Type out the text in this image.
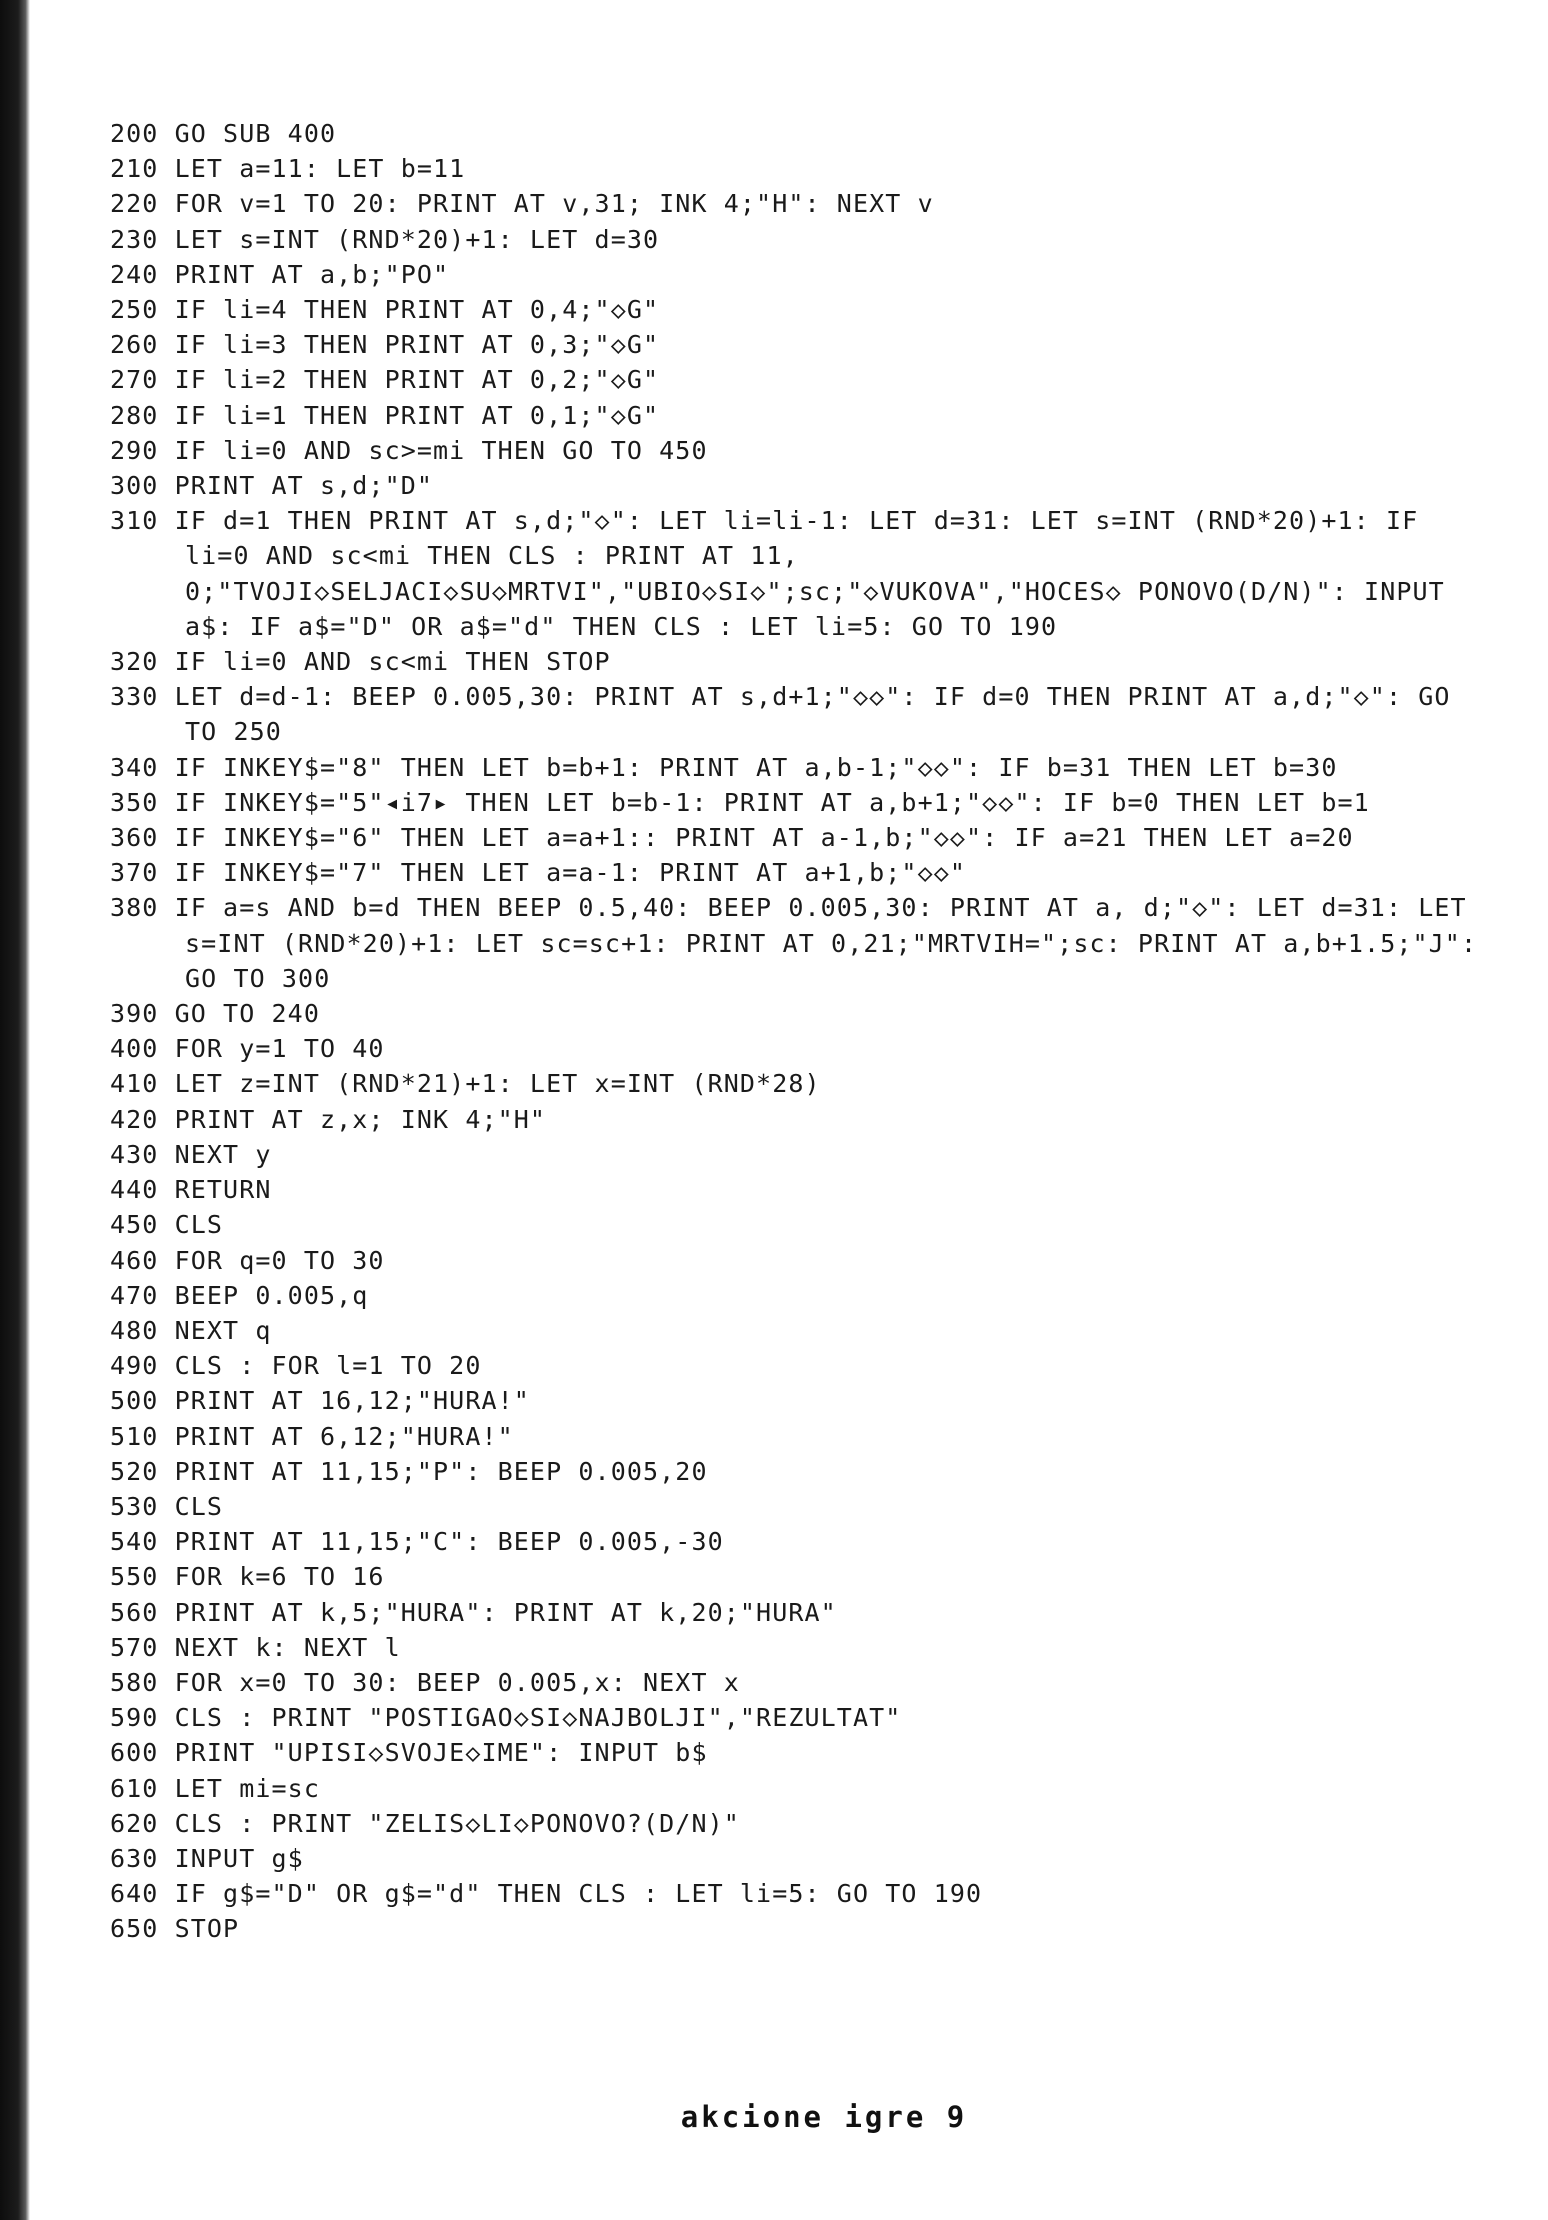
200 GO SUB 400
210 LET a=11: LET b=11
220 FOR v=1 TO 20: PRINT AT v,31; INK 4;"H": NEXT v
230 LET s=INT (RND*20)+1: LET d=30
240 PRINT AT a,b;"PO"
250 IF li=4 THEN PRINT AT 0,4;"◇G"
260 IF li=3 THEN PRINT AT 0,3;"◇G"
270 IF li=2 THEN PRINT AT 0,2;"◇G"
280 IF li=1 THEN PRINT AT 0,1;"◇G"
290 IF li=0 AND sc>=mi THEN GO TO 450
300 PRINT AT s,d;"D"
310 IF d=1 THEN PRINT AT s,d;"◇": LET li=li-1: LET d=31: LET s=INT (RND*20)+1: IF li=0 AND sc<mi THEN CLS : PRINT AT 11, 0;"TVOJI◇SELJACI◇SU◇MRTVI","UBIO◇SI◇";sc;"◇VUKOVA","HOCES◇ PONOVO(D/N)": INPUT a$: IF a$="D" OR a$="d" THEN CLS : LET li=5: GO TO 190
320 IF li=0 AND sc<mi THEN STOP
330 LET d=d-1: BEEP 0.005,30: PRINT AT s,d+1;"◇◇": IF d=0 THEN PRINT AT a,d;"◇": GO TO 250
340 IF INKEY$="8" THEN LET b=b+1: PRINT AT a,b-1;"◇◇": IF b=31 THEN LET b=30
350 IF INKEY$="5"◂i7▸ THEN LET b=b-1: PRINT AT a,b+1;"◇◇": IF b=0 THEN LET b=1
360 IF INKEY$="6" THEN LET a=a+1:: PRINT AT a-1,b;"◇◇": IF a=21 THEN LET a=20
370 IF INKEY$="7" THEN LET a=a-1: PRINT AT a+1,b;"◇◇"
380 IF a=s AND b=d THEN BEEP 0.5,40: BEEP 0.005,30: PRINT AT a, d;"◇": LET d=31: LET s=INT (RND*20)+1: LET sc=sc+1: PRINT AT 0,21;"MRTVIH=";sc: PRINT AT a,b+1.5;"J": GO TO 300
390 GO TO 240
400 FOR y=1 TO 40
410 LET z=INT (RND*21)+1: LET x=INT (RND*28)
420 PRINT AT z,x; INK 4;"H"
430 NEXT y
440 RETURN
450 CLS
460 FOR q=0 TO 30
470 BEEP 0.005,q
480 NEXT q
490 CLS : FOR l=1 TO 20
500 PRINT AT 16,12;"HURA!"
510 PRINT AT 6,12;"HURA!"
520 PRINT AT 11,15;"P": BEEP 0.005,20
530 CLS
540 PRINT AT 11,15;"C": BEEP 0.005,-30
550 FOR k=6 TO 16
560 PRINT AT k,5;"HURA": PRINT AT k,20;"HURA"
570 NEXT k: NEXT l
580 FOR x=0 TO 30: BEEP 0.005,x: NEXT x
590 CLS : PRINT "POSTIGAO◇SI◇NAJBOLJI","REZULTAT"
600 PRINT "UPISI◇SVOJE◇IME": INPUT b$
610 LET mi=sc
620 CLS : PRINT "ZELIS◇LI◇PONOVO?(D/N)"
630 INPUT g$
640 IF g$="D" OR g$="d" THEN CLS : LET li=5: GO TO 190
650 STOP
akcione igre 9
